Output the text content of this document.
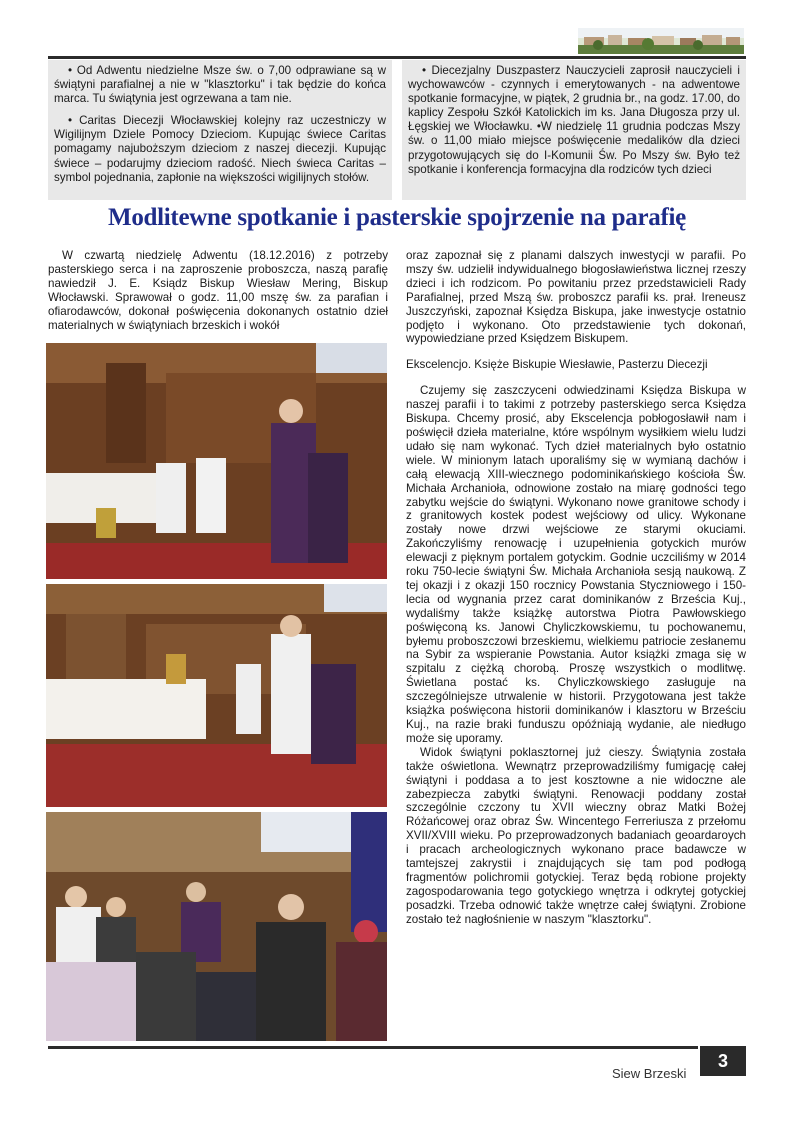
• Od Adwentu niedzielne Msze św. o 7,00 odprawiane są w świątyni parafialnej a nie w "klasztorku" i tak będzie do końca marca. Tu świątynia jest ogrzewana a tam nie.

• Caritas Diecezji Włocławskiej kolejny raz uczestniczy w Wigilijnym Dziele Pomocy Dzieciom. Kupując świece Caritas pomagamy najuboższym dzieciom z naszej diecezji. Kupując świece – podarujmy dzieciom radość. Niech świeca Caritas – symbol pojednania, zapłonie na większości wigilijnych stołów.

• Diecezjalny Duszpasterz Nauczycieli zaprosił nauczycieli i wychowawców - czynnych i emerytowanych - na adwentowe spotkanie formacyjne, w piątek, 2 grudnia br., na godz. 17.00, do kaplicy Zespołu Szkół Katolickich im ks. Jana Długosza przy ul. Łęgskiej we Włocławku. •W niedzielę 11 grudnia podczas Mszy św. o 11,00 miało miejsce poświęcenie medalików dla dzieci przygotowujących się do I-Komunii Św. Po Mszy św. Było też spotkanie i konferencja formacyjna dla rodziców tych dzieci

Modlitewne spotkanie i pasterskie spojrzenie na parafię

W czwartą niedzielę Adwentu (18.12.2016) z potrzeby pasterskiego serca i na zaproszenie proboszcza, naszą parafię nawiedził J. E. Ksiądz Biskup Wiesław Mering, Biskup Włocławski. Sprawował o godz. 11,00 mszę św. za parafian i ofiarodawców, dokonał poświęcenia dokonanych ostatnio dzieł materialnych w świątyniach brzeskich i wokół

oraz zapoznał się z planami dalszych inwestycji w parafii. Po mszy św. udzielił indywidualnego błogosławieństwa licznej rzeszy dzieci i ich rodzicom. Po powitaniu przez przedstawicieli Rady Parafialnej, przed Mszą św. proboszcz parafii ks. prał. Ireneusz Juszczyński, zapoznał Księdza Biskupa, jake inwestycje ostatnio podjęto i wykonano. Oto przedstawienie tych dokonań, wypowiedziane przed Księdzem Biskupem.

Ekscelencjo. Księże Biskupie Wiesławie, Pasterzu Diecezji

Czujemy się zaszczyceni odwiedzinami Księdza Biskupa w naszej parafii i to takimi z potrzeby pasterskiego serca Księdza Biskupa. Chcemy prosić, aby Ekscelencja pobłogosławił nam i poświęcił dzieła materialne, które wspólnym wysiłkiem wielu ludzi udało się nam wykonać. Tych dzieł materialnych było ostatnio wiele. W minionym latach uporaliśmy się w wymianą dachów i całą elewacją XIII-wiecznego podominikańskiego kościoła Św. Michała Archanioła, odnowione zostało na miarę godności tego zabytku wejście do świątyni. Wykonano nowe granitowe schody i z granitowych kostek podest wejściowy od ulicy. Wykonane zostały nowe drzwi wejściowe ze starymi okuciami. Zakończyliśmy renowację i uzupełnienia gotyckich murów elewacji z pięknym portalem gotyckim. Godnie uczciliśmy w 2014 roku 750-lecie świątyni Św. Michała Archanioła sesją naukową. Z tej okazji i z okazji 150 rocznicy Powstania Styczniowego i 150-lecia od wygnania przez carat dominikanów z Brześcia Kuj., wydaliśmy także książkę autorstwa Piotra Pawłowskiego poświęconą ks. Janowi Chyliczkowskiemu, tu pochowanemu, byłemu proboszczowi brzeskiemu, wielkiemu patriocie zesłanemu na Sybir za wspieranie Powstania. Autor książki zmaga się w szpitalu z ciężką chorobą. Proszę wszystkich o modlitwę. Świetlana postać ks. Chyliczkowskiego zasługuje na szczególniejsze utrwalenie w historii. Przygotowana jest także książka poświęcona historii dominikanów i klasztoru w Brześciu Kuj., na razie braki funduszu opóźniają wydanie, ale niedługo może się uporamy.

Widok świątyni poklasztornej już cieszy. Świątynia została także oświetlona. Wewnątrz przeprowadziliśmy fumigację całej świątyni i poddasa a to jest kosztowne a nie widoczne ale zabezpiecza zabytki świątyni. Renowacji poddany został szczególnie czczony tu XVII wieczny obraz Matki Bożej Różańcowej oraz obraz Św. Wincentego Ferreriusza z przełomu XVII/XVIII wieku. Po przeprowadzonych badaniach geoardaroych i pracach archeologicznych wykonano prace badawcze w tamtejszej zakrystii i znajdujących się tam pod podłogą fragmentów polichromii gotyckiej. Teraz będą robione projekty zagospodarowania tego gotyckiego wnętrza i odkrytej gotyckiej posadzki. Trzeba odnowić także wnętrze całej świątyni. Zrobione zostało też nagłośnienie w naszym "klasztorku".

Siew Brzeski
3
